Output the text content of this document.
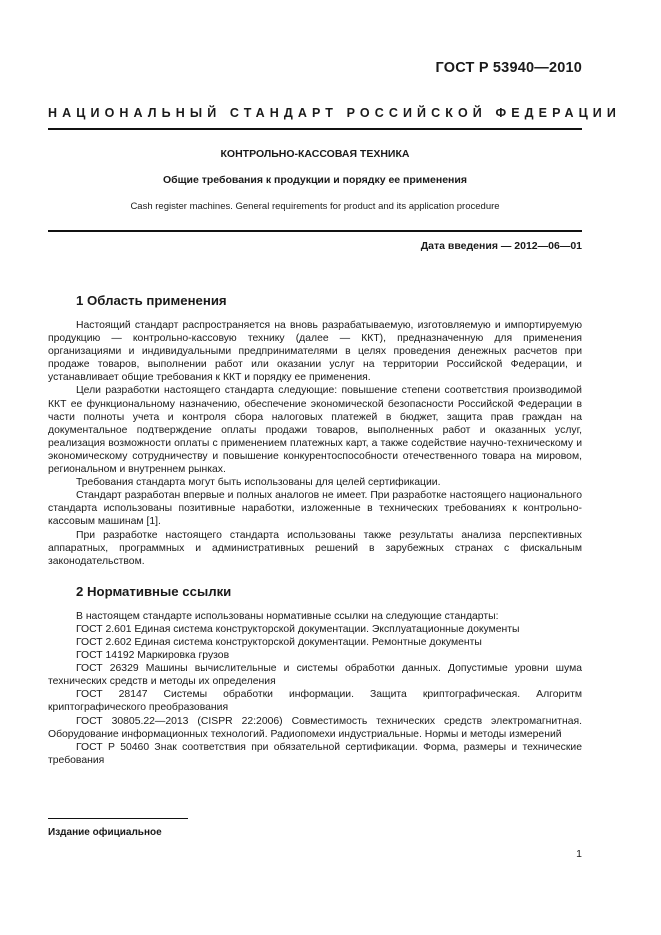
ГОСТ Р 53940—2010
НАЦИОНАЛЬНЫЙ СТАНДАРТ РОССИЙСКОЙ ФЕДЕРАЦИИ
КОНТРОЛЬНО-КАССОВАЯ ТЕХНИКА
Общие требования к продукции и порядку ее применения
Cash register machines. General requirements for product and its application procedure
Дата введения — 2012—06—01
1 Область применения

Настоящий стандарт распространяется на вновь разрабатываемую, изготовляемую и импортируемую продукцию — контрольно-кассовую технику (далее — ККТ), предназначенную для применения организациями и индивидуальными предпринимателями в целях проведения денежных расчетов при продаже товаров, выполнении работ или оказании услуг на территории Российской Федерации, и устанавливает общие требования к ККТ и порядку ее применения.

Цели разработки настоящего стандарта следующие: повышение степени соответствия производимой ККТ ее функциональному назначению, обеспечение экономической безопасности Российской Федерации в части полноты учета и контроля сбора налоговых платежей в бюджет, защита прав граждан на документальное подтверждение оплаты продажи товаров, выполненных работ и оказанных услуг, реализация возможности оплаты с применением платежных карт, а также содействие научно-техническому и экономическому сотрудничеству и повышение конкурентоспособности отечественного товара на мировом, региональном и внутреннем рынках.

Требования стандарта могут быть использованы для целей сертификации.

Стандарт разработан впервые и полных аналогов не имеет. При разработке настоящего национального стандарта использованы позитивные наработки, изложенные в технических требованиях к контрольно-кассовым машинам [1].

При разработке настоящего стандарта использованы также результаты анализа перспективных аппаратных, программных и административных решений в зарубежных странах с фискальным законодательством.

2 Нормативные ссылки

В настоящем стандарте использованы нормативные ссылки на следующие стандарты:

ГОСТ 2.601 Единая система конструкторской документации. Эксплуатационные документы

ГОСТ 2.602 Единая система конструкторской документации. Ремонтные документы

ГОСТ 14192 Маркировка грузов

ГОСТ 26329 Машины вычислительные и системы обработки данных. Допустимые уровни шума технических средств и методы их определения

ГОСТ 28147 Системы обработки информации. Защита криптографическая. Алгоритм криптографического преобразования

ГОСТ 30805.22—2013 (CISPR 22:2006) Совместимость технических средств электромагнитная. Оборудование информационных технологий. Радиопомехи индустриальные. Нормы и методы измерений

ГОСТ Р 50460 Знак соответствия при обязательной сертификации. Форма, размеры и технические требования

Издание официальное
1
